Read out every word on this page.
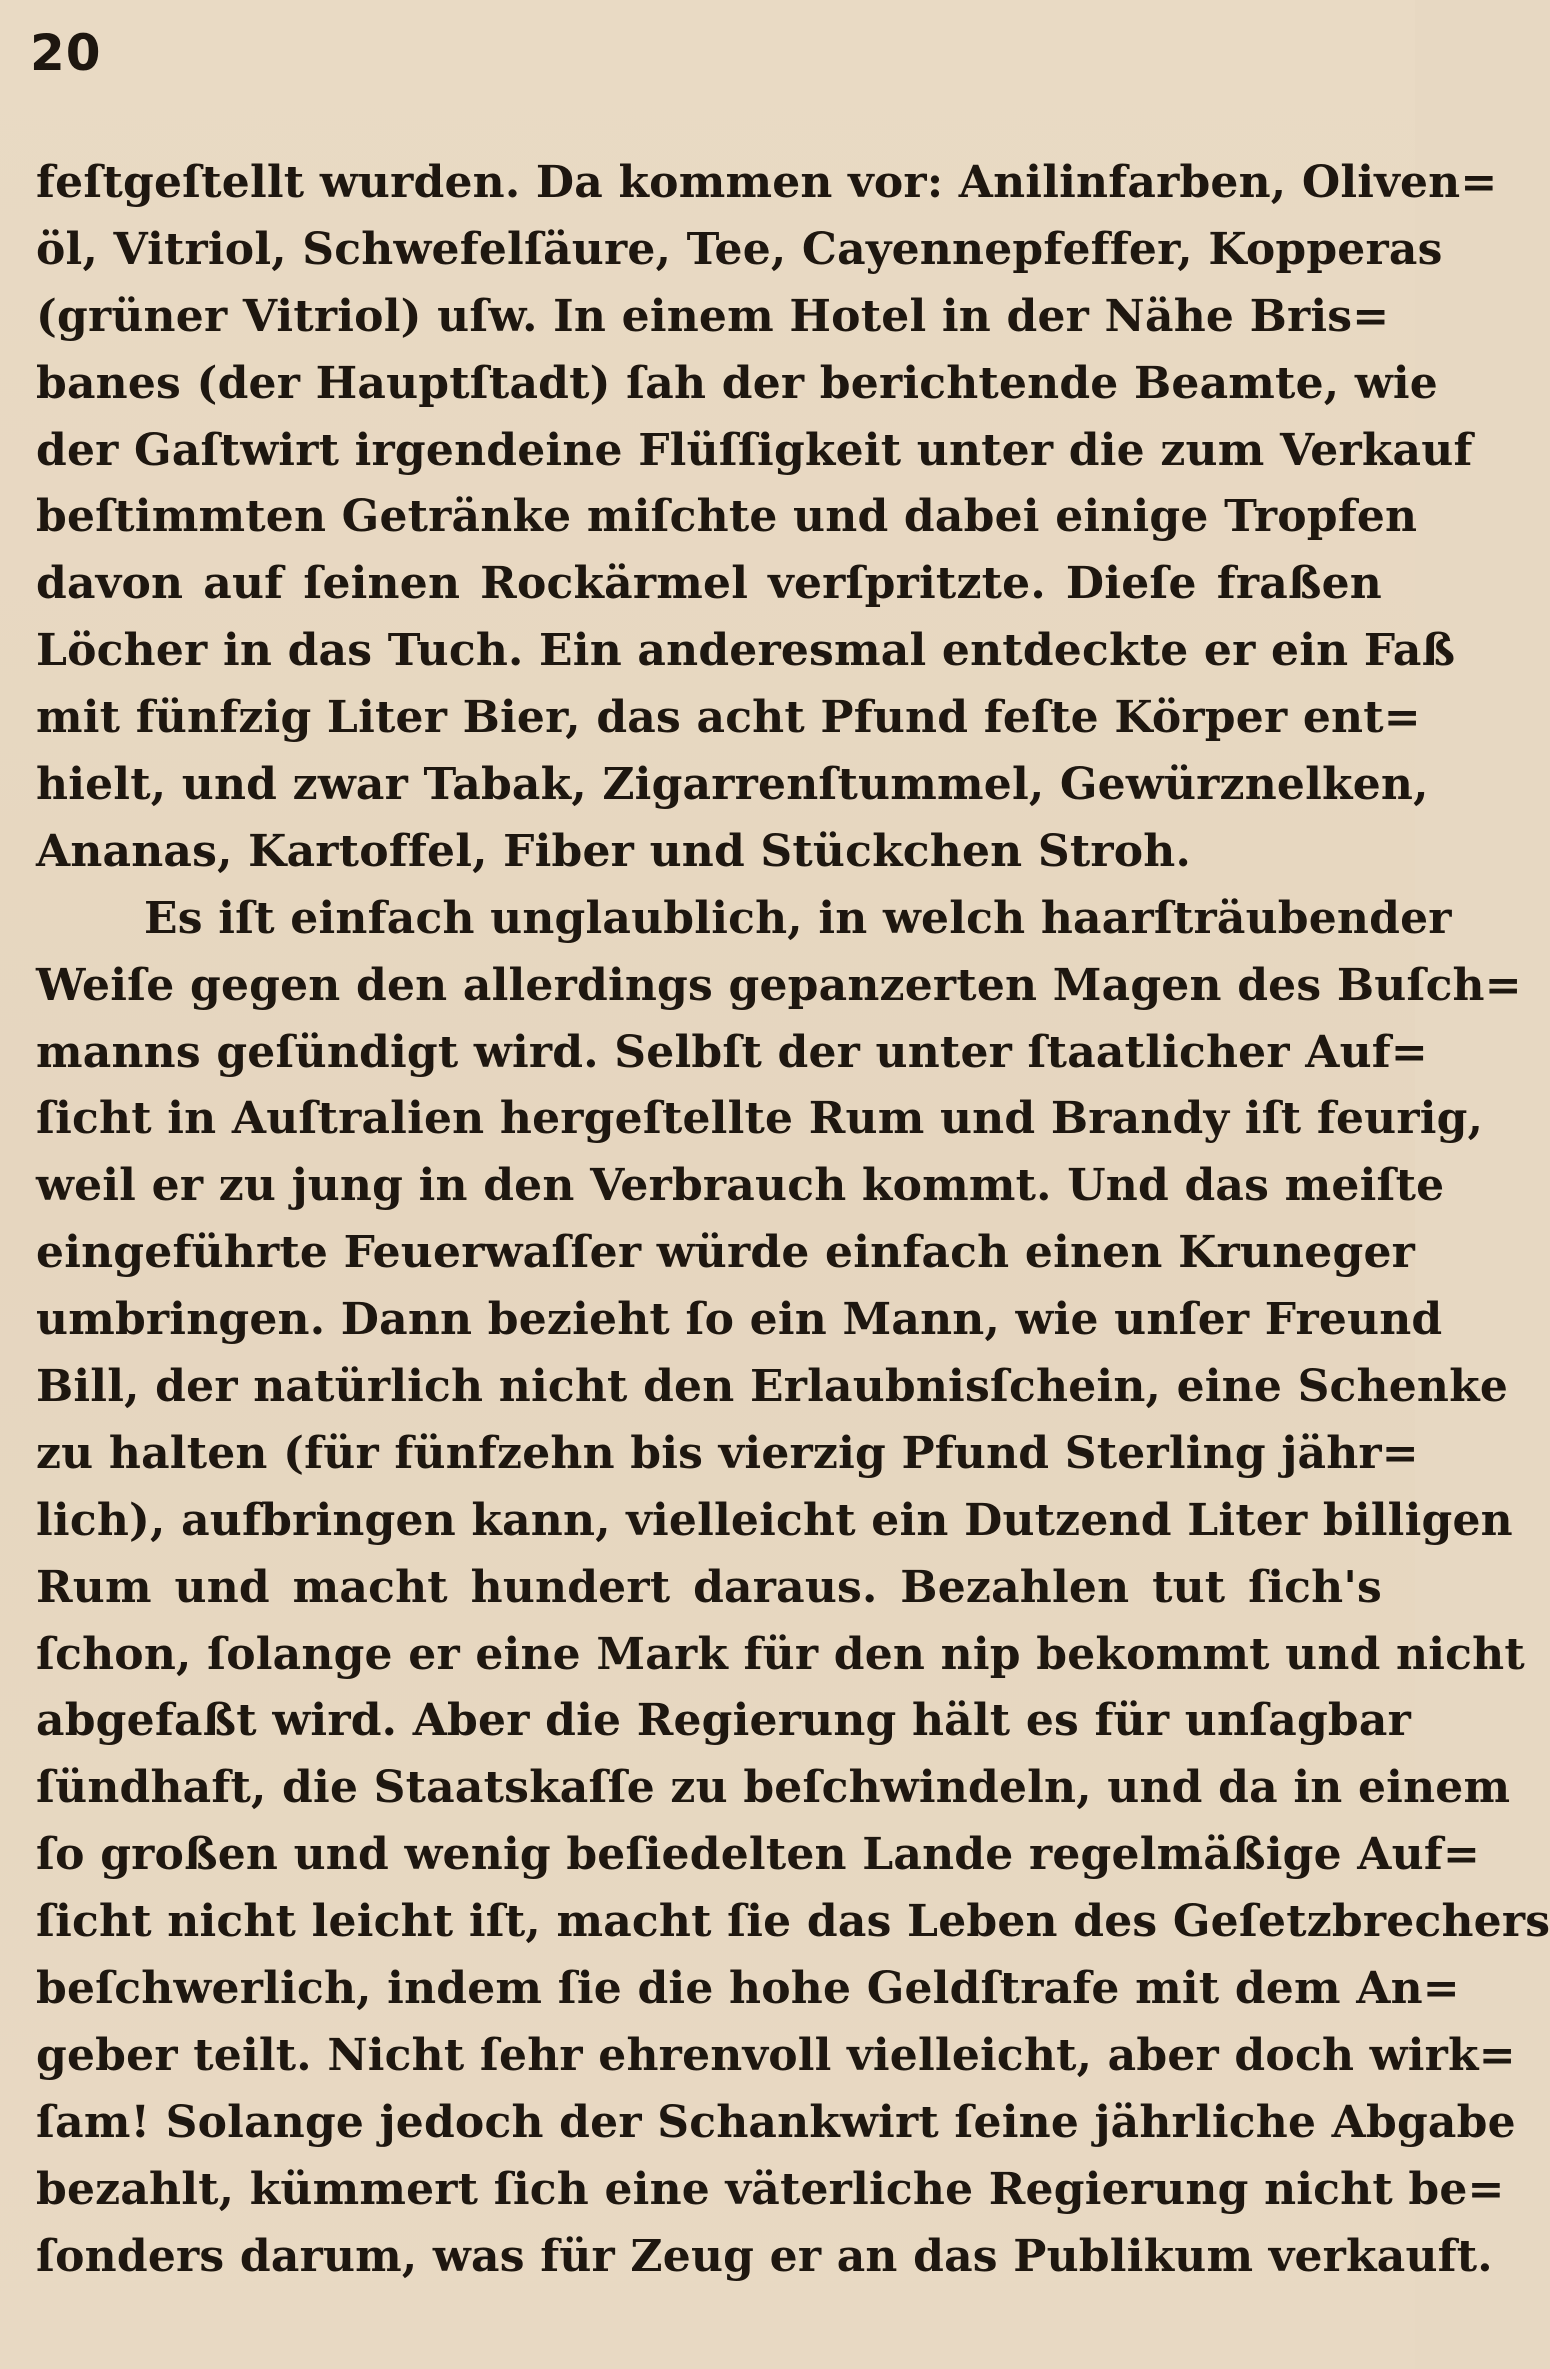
20
feſtgeſtellt wurden. Da kommen vor: Anilinfarben, Oliven=
öl, Vitriol, Schwefelſäure, Tee, Cayennepfeffer, Kopperas
(grüner Vitriol) uſw. In einem Hotel in der Nähe Bris=
banes (der Hauptſtadt) ſah der berichtende Beamte, wie
der Gaſtwirt irgendeine Flüſſigkeit unter die zum Verkauf
beſtimmten Getränke miſchte und dabei einige Tropfen
davon auf ſeinen Rockärmel verſpritzte. Dieſe fraßen
Löcher in das Tuch. Ein anderesmal entdeckte er ein Faß
mit fünfzig Liter Bier, das acht Pfund feſte Körper ent=
hielt, und zwar Tabak, Zigarrenſtummel, Gewürznelken,
Ananas, Kartoffel, Fiber und Stückchen Stroh.
Es iſt einfach unglaublich, in welch haarſträubender
Weiſe gegen den allerdings gepanzerten Magen des Buſch=
manns geſündigt wird. Selbſt der unter ſtaatlicher Auf=
ſicht in Auſtralien hergeſtellte Rum und Brandy iſt feurig,
weil er zu jung in den Verbrauch kommt. Und das meiſte
eingeführte Feuerwaſſer würde einfach einen Kruneger
umbringen. Dann bezieht ſo ein Mann, wie unſer Freund
Bill, der natürlich nicht den Erlaubnisſchein, eine Schenke
zu halten (für fünfzehn bis vierzig Pfund Sterling jähr=
lich), aufbringen kann, vielleicht ein Dutzend Liter billigen
Rum und macht hundert daraus. Bezahlen tut ſich's
ſchon, ſolange er eine Mark für den nip bekommt und nicht
abgefaßt wird. Aber die Regierung hält es für unſagbar
ſündhaft, die Staatskaſſe zu beſchwindeln, und da in einem
ſo großen und wenig beſiedelten Lande regelmäßige Auf=
ſicht nicht leicht iſt, macht ſie das Leben des Geſetzbrechers
beſchwerlich, indem ſie die hohe Geldſtrafe mit dem An=
geber teilt. Nicht ſehr ehrenvoll vielleicht, aber doch wirk=
ſam! Solange jedoch der Schankwirt ſeine jährliche Abgabe
bezahlt, kümmert ſich eine väterliche Regierung nicht be=
ſonders darum, was für Zeug er an das Publikum verkauft.
